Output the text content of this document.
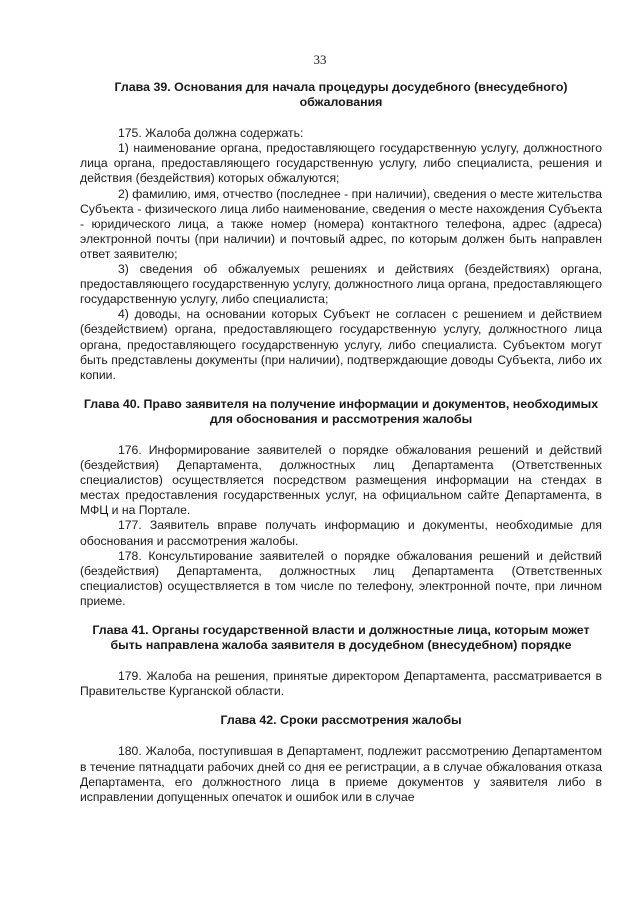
33
Глава 39. Основания для начала процедуры досудебного (внесудебного) обжалования

175. Жалоба должна содержать:

1) наименование органа, предоставляющего государственную услугу, должностного лица органа, предоставляющего государственную услугу, либо специалиста, решения и действия (бездействия) которых обжалуются;

2) фамилию, имя, отчество (последнее - при наличии), сведения о месте жительства Субъекта - физического лица либо наименование, сведения о месте нахождения Субъекта - юридического лица, а также номер (номера) контактного телефона, адрес (адреса) электронной почты (при наличии) и почтовый адрес, по которым должен быть направлен ответ заявителю;

3) сведения об обжалуемых решениях и действиях (бездействиях) органа, предоставляющего государственную услугу, должностного лица органа, предоставляющего государственную услугу, либо специалиста;

4) доводы, на основании которых Субъект не согласен с решением и действием (бездействием) органа, предоставляющего государственную услугу, должностного лица органа, предоставляющего государственную услугу, либо специалиста. Субъектом могут быть представлены документы (при наличии), подтверждающие доводы Субъекта, либо их копии.

Глава 40. Право заявителя на получение информации и документов, необходимых для обоснования и рассмотрения жалобы

176. Информирование заявителей о порядке обжалования решений и действий (бездействия) Департамента, должностных лиц Департамента (Ответственных специалистов) осуществляется посредством размещения информации на стендах в местах предоставления государственных услуг, на официальном сайте Департамента, в МФЦ и на Портале.

177. Заявитель вправе получать информацию и документы, необходимые для обоснования и рассмотрения жалобы.

178. Консультирование заявителей о порядке обжалования решений и действий (бездействия) Департамента, должностных лиц Департамента (Ответственных специалистов) осуществляется в том числе по телефону, электронной почте, при личном приеме.

Глава 41. Органы государственной власти и должностные лица, которым может быть направлена жалоба заявителя в досудебном (внесудебном) порядке

179. Жалоба на решения, принятые директором Департамента, рассматривается в Правительстве Курганской области.

Глава 42. Сроки рассмотрения жалобы

180. Жалоба, поступившая в Департамент, подлежит рассмотрению Департаментом в течение пятнадцати рабочих дней со дня ее регистрации, а в случае обжалования отказа Департамента, его должностного лица в приеме документов у заявителя либо в исправлении допущенных опечаток и ошибок или в случае
